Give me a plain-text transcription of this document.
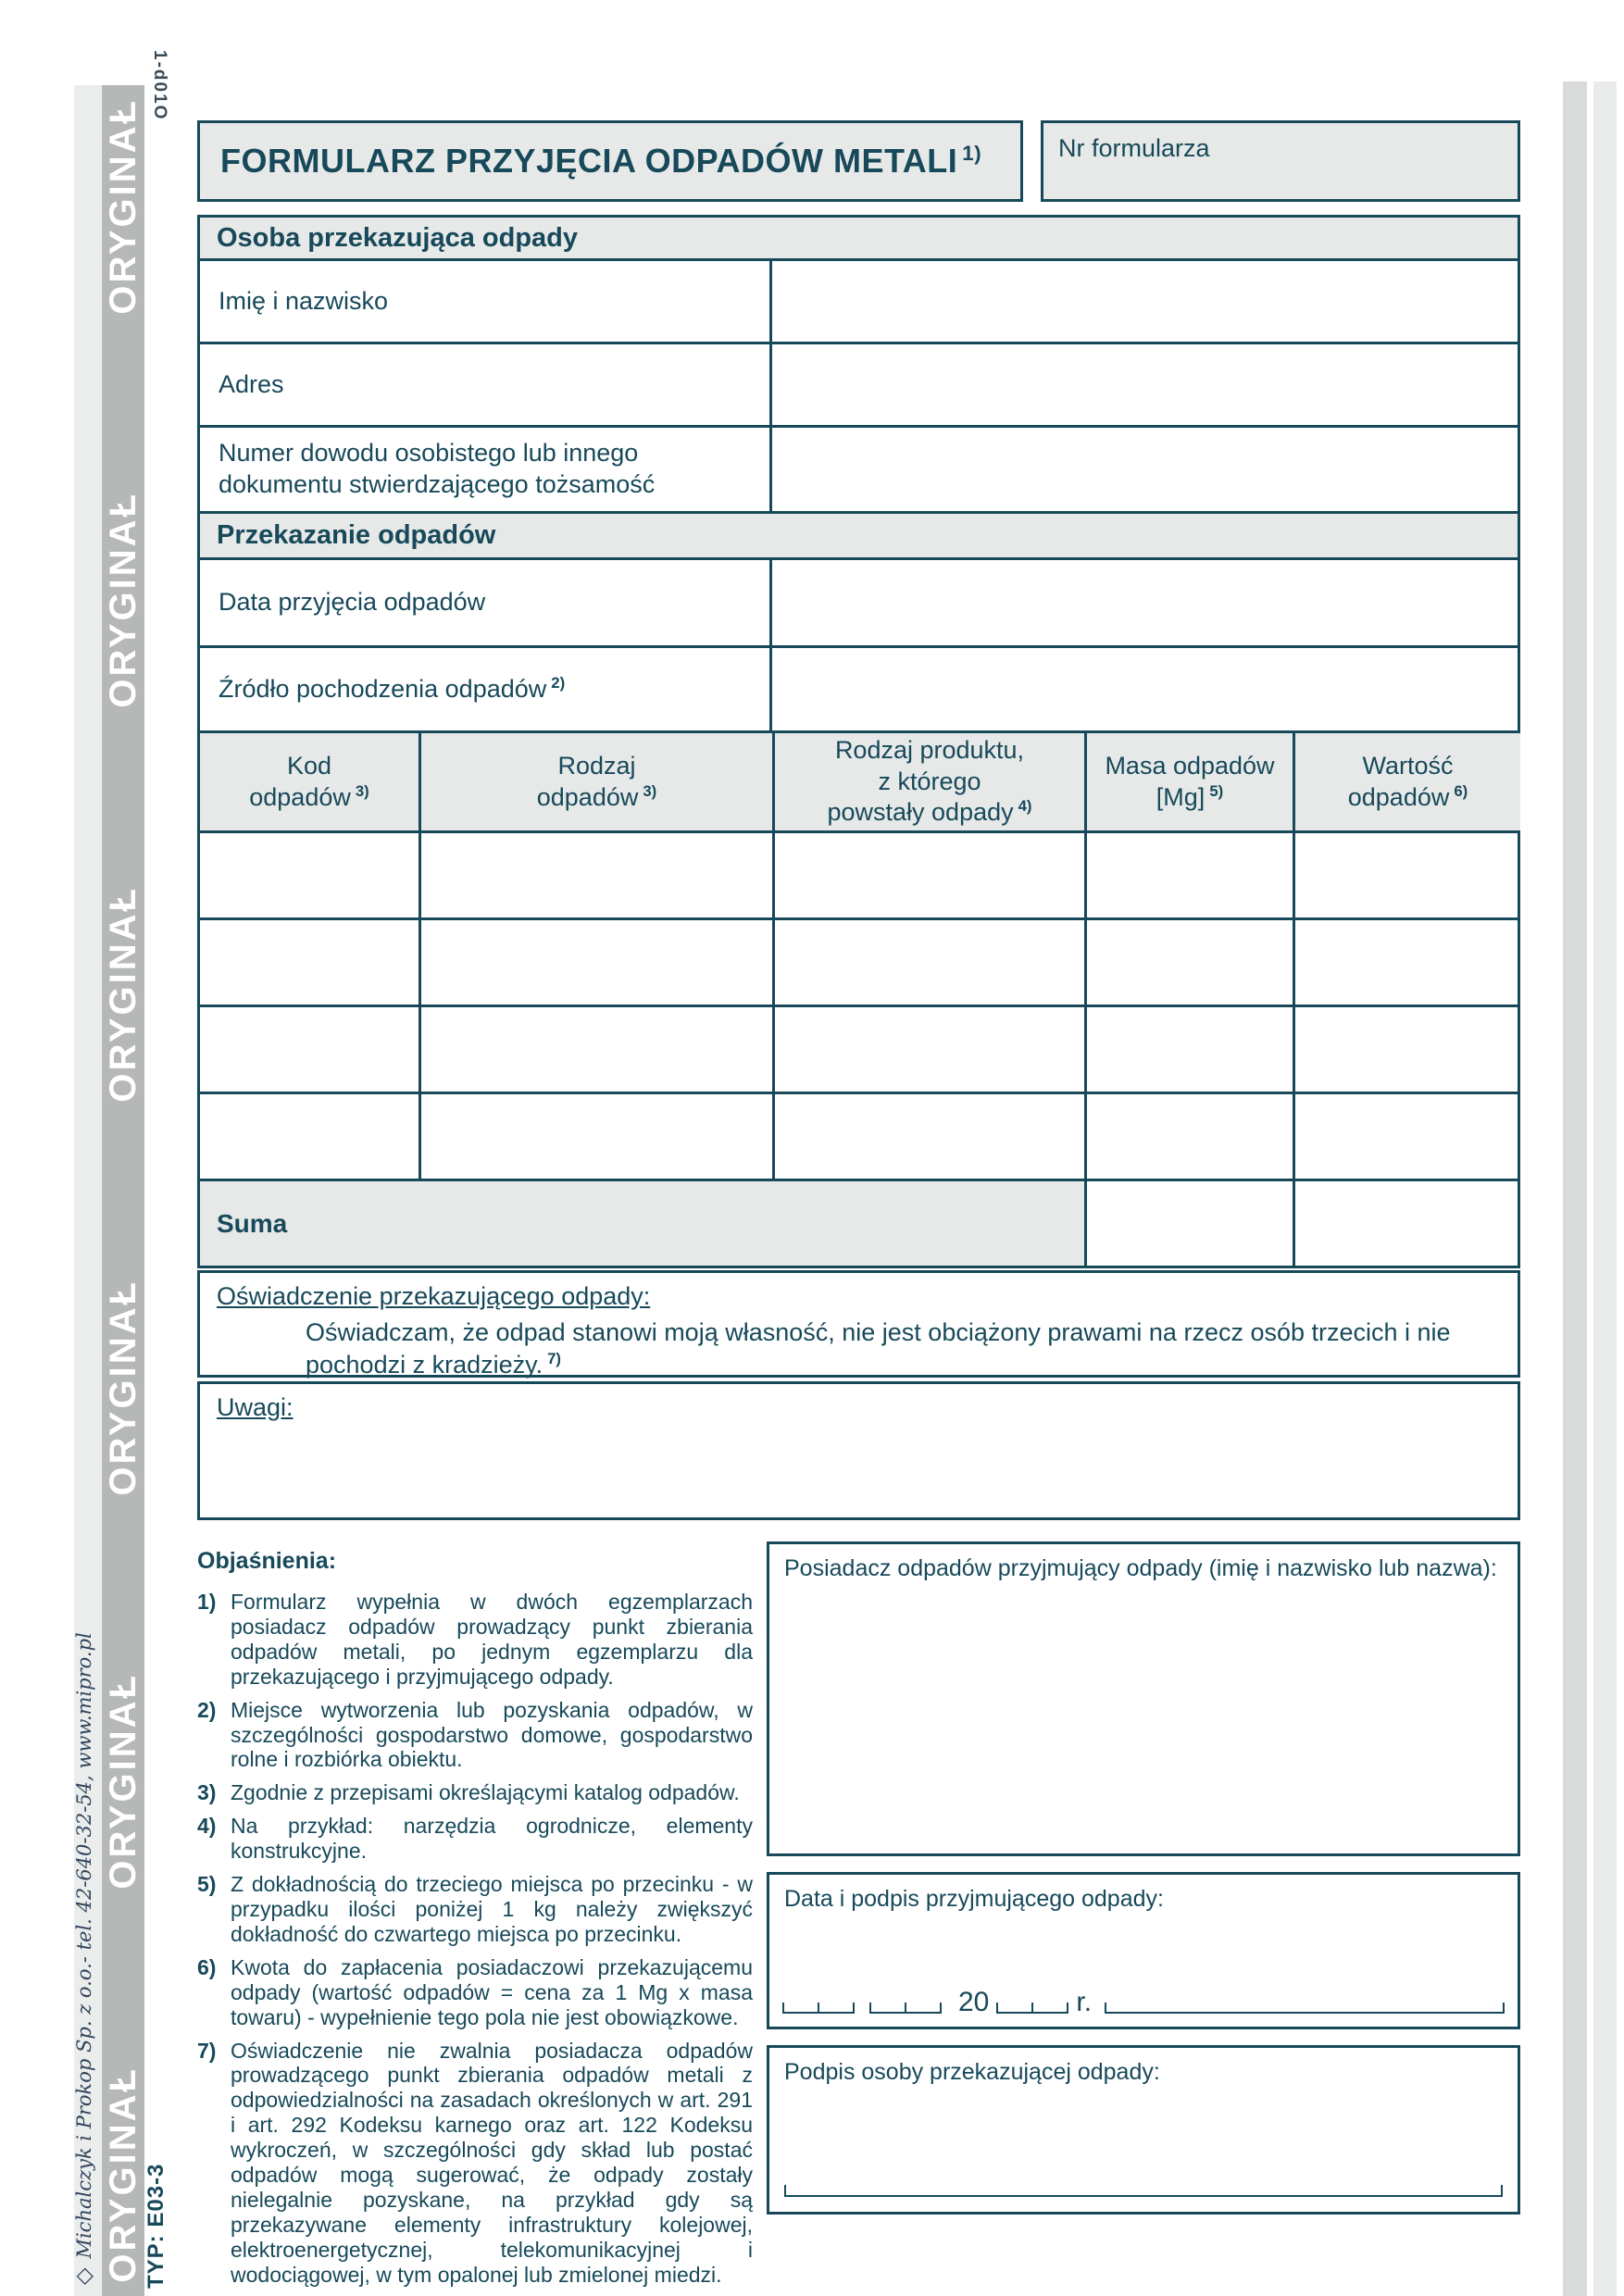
ORYGINAŁ
ORYGINAŁ
ORYGINAŁ
ORYGINAŁ
ORYGINAŁ
ORYGINAŁ
1-d01O
TYP: E03-3
◇Michalczyk i Prokop Sp. z o.o.- tel. 42-640-32-54, www.mipro.pl
FORMULARZ PRZYJĘCIA ODPADÓW METALI $^{1)}$	Nr formularza
Osoba przekazująca odpady
Imię i nazwisko
Adres
Numer dowodu osobistego lub innego dokumentu stwierdzającego tożsamość
Przekazanie odpadów
Data przyjęcia odpadów
Źródło pochodzenia odpadów $^{2)}$
Kod
odpadów $^{3)}$
Rodzaj
odpadów $^{3)}$
Rodzaj produktu,
z którego
powstały odpady $^{4)}$
Masa odpadów
[Mg] $^{5)}$
Wartość
odpadów $^{6)}$
Suma
Oświadczenie przekazującego odpady:
Oświadczam, że odpad stanowi moją własność, nie jest obciążony prawami na rzecz osób trzecich i nie pochodzi z kradzieży. $^{7)}$
Uwagi:
Objaśnienia:
1) Formularz wypełnia w dwóch egzemplarzach posiadacz odpadów prowadzący punkt zbierania odpadów metali, po jednym egzemplarzu dla przekazującego i przyjmującego odpady.
2) Miejsce wytworzenia lub pozyskania odpadów, w szczególności gospodarstwo domowe, gospodarstwo rolne i rozbiórka obiektu.
3) Zgodnie z przepisami określającymi katalog odpadów.
4) Na przykład: narzędzia ogrodnicze, elementy konstrukcyjne.
5) Z dokładnością do trzeciego miejsca po przecinku - w przypadku ilości poniżej 1 kg należy zwiększyć dokładność do czwartego miejsca po przecinku.
6) Kwota do zapłacenia posiadaczowi przekazującemu odpady (wartość odpadów = cena za 1 Mg x masa towaru) - wypełnienie tego pola nie jest obowiązkowe.
7) Oświadczenie nie zwalnia posiadacza odpadów prowadzącego punkt zbierania odpadów metali z odpowiedzialności na zasadach określonych w art. 291 i art. 292 Kodeksu karnego oraz art. 122 Kodeksu wykroczeń, w szczególności gdy skład lub postać odpadów mogą sugerować, że odpady zostały nielegalnie pozyskane, na przykład gdy są przekazywane elementy infrastruktury kolejowej, elektroenergetycznej, telekomunikacyjnej i wodociągowej, w tym opalonej lub zmielonej miedzi.
Posiadacz odpadów przyjmujący odpady (imię i nazwisko lub nazwa):
Data i podpis przyjmującego odpady:
20	r.
Podpis osoby przekazującej odpady:
